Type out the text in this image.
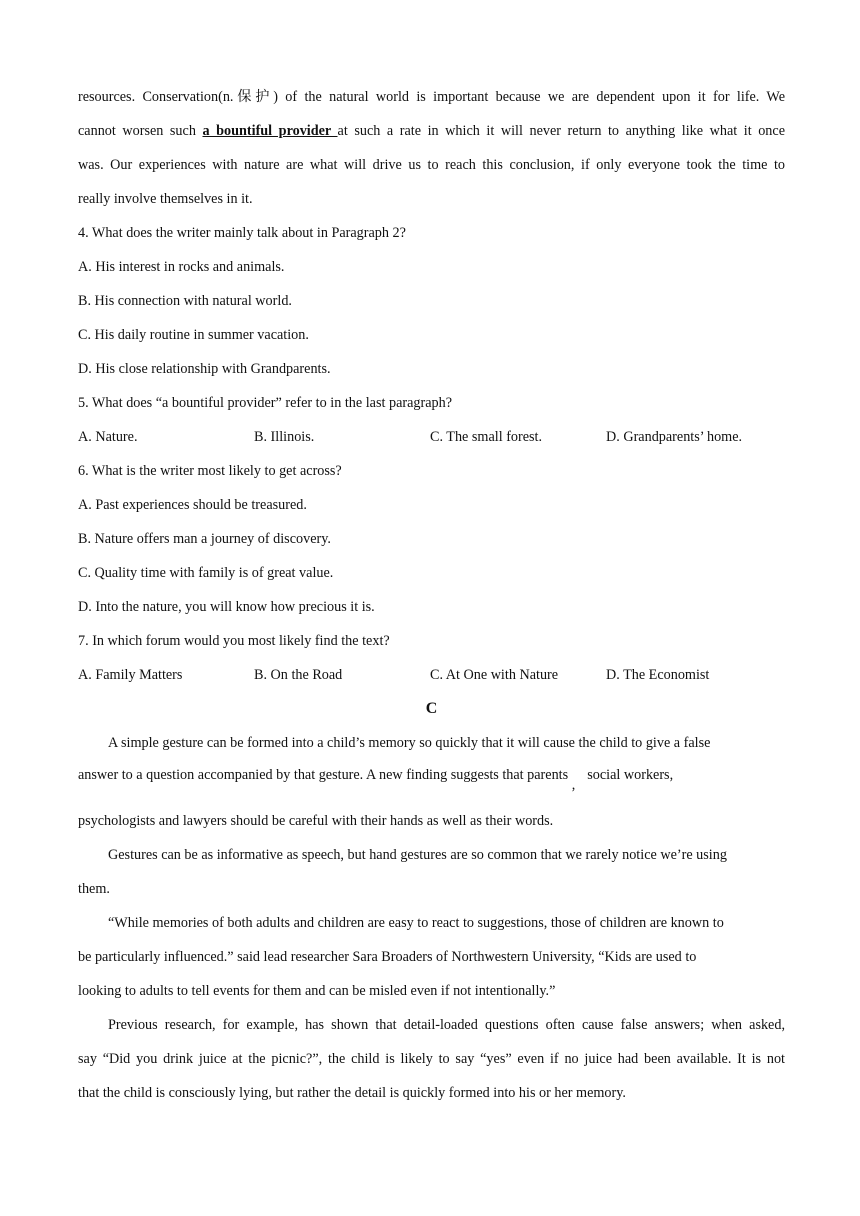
resources. Conservation(n.保护) of the natural world is important because we are dependent upon it for life. We
cannot worsen such a bountiful provider at such a rate in which it will never return to anything like what it once
was. Our experiences with nature are what will drive us to reach this conclusion, if only everyone took the time to
really involve themselves in it.
4. What does the writer mainly talk about in Paragraph 2?
A. His interest in rocks and animals.
B. His connection with natural world.
C. His daily routine in summer vacation.
D. His close relationship with Grandparents.
5. What does “a bountiful provider” refer to in the last paragraph?
A. Nature.	B. Illinois.	C. The small forest.	D. Grandparents’ home.
6. What is the writer most likely to get across?
A. Past experiences should be treasured.
B. Nature offers man a journey of discovery.
C. Quality time with family is of great value.
D. Into the nature, you will know how precious it is.
7. In which forum would you most likely find the text?
A. Family Matters	B. On the Road	C. At One with Nature	D. The Economist
C
A simple gesture can be formed into a child’s memory so quickly that it will cause the child to give a false
answer to a question accompanied by that gesture. A new finding suggests that parents , social workers,
psychologists and lawyers should be careful with their hands as well as their words.
Gestures can be as informative as speech, but hand gestures are so common that we rarely notice we’re using
them.
“While memories of both adults and children are easy to react to suggestions, those of children are known to
be particularly influenced.” said lead researcher Sara Broaders of Northwestern University, “Kids are used to
looking to adults to tell events for them and can be misled even if not intentionally.”
Previous research, for example, has shown that detail-loaded questions often cause false answers; when asked,
say “Did you drink juice at the picnic?”, the child is likely to say “yes” even if no juice had been available. It is not
that the child is consciously lying, but rather the detail is quickly formed into his or her memory.
